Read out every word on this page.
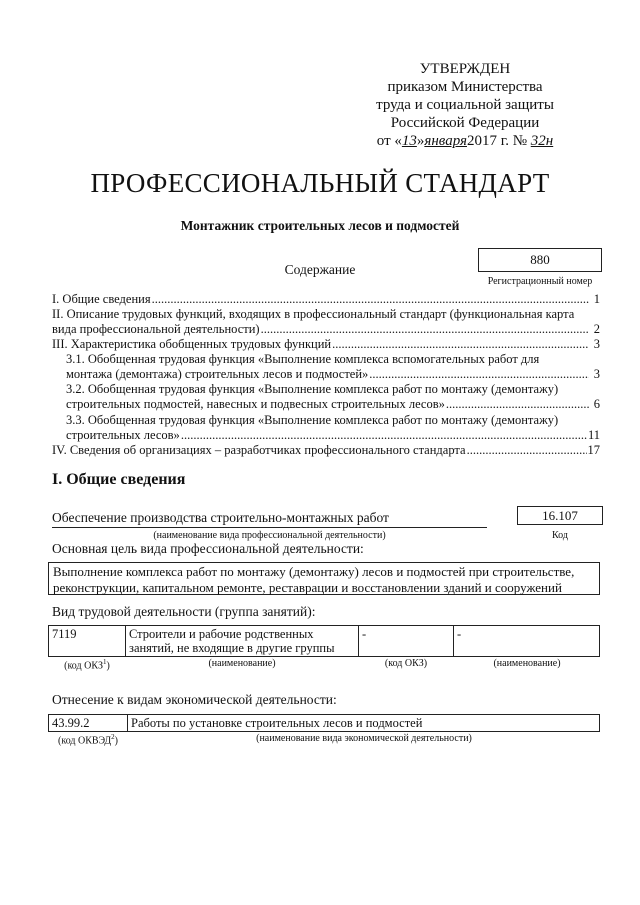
УТВЕРЖДЕН
приказом Министерства
труда и социальной защиты
Российской Федерации
от «13»января2017 г. № 32н
ПРОФЕССИОНАЛЬНЫЙ СТАНДАРТ
Монтажник строительных лесов и подмостей
Содержание
880
Регистрационный номер
I. Общие сведения .....	1
II. Описание трудовых функций, входящих в профессиональный стандарт (функциональная карта
вида профессиональной деятельности) .....	2
III. Характеристика обобщенных трудовых функций .....	3
3.1. Обобщенная трудовая функция «Выполнение комплекса вспомогательных работ для
монтажа (демонтажа) строительных лесов и подмостей» .....	3
3.2. Обобщенная трудовая функция «Выполнение комплекса работ по монтажу (демонтажу)
строительных подмостей, навесных и подвесных строительных лесов» .....	6
3.3. Обобщенная трудовая функция «Выполнение комплекса работ по монтажу (демонтажу)
строительных лесов» .....	11
IV. Сведения об организациях – разработчиках профессионального стандарта .....	17
I. Общие сведения
Обеспечение производства строительно-монтажных работ
(наименование вида профессиональной деятельности)
16.107
Код
Основная цель вида профессиональной деятельности:
Выполнение комплекса работ по монтажу (демонтажу) лесов и подмостей при строительстве,
реконструкции, капитальном ремонте, реставрации и восстановлении зданий и сооружений
Вид трудовой деятельности (группа занятий):
7119	Строители и рабочие родственных
занятий, не входящие в другие группы
	-	-
(код ОКЗ$^1$)	(наименование)	(код ОКЗ)	(наименование)
Отнесение к видам экономической деятельности:
43.99.2	Работы по установке строительных лесов и подмостей
(код ОКВЭД$^2$)	(наименование вида экономической деятельности)
